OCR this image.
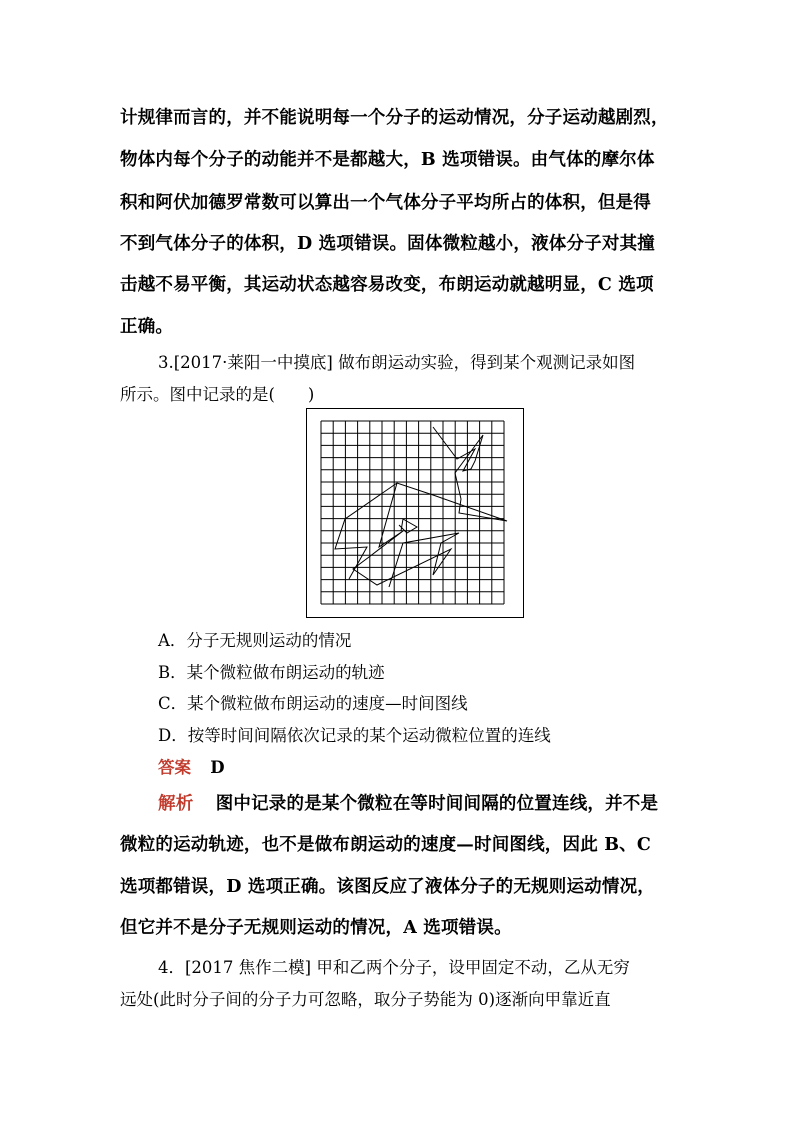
计规律而言的，并不能说明每一个分子的运动情况，分子运动越剧烈，
物体内每个分子的动能并不是都越大，B 选项错误。由气体的摩尔体
积和阿伏加德罗常数可以算出一个气体分子平均所占的体积，但是得
不到气体分子的体积，D 选项错误。固体微粒越小，液体分子对其撞
击越不易平衡，其运动状态越容易改变，布朗运动就越明显，C 选项
正确。
3.[2017·莱阳一中摸底] 做布朗运动实验，得到某个观测记录如图
所示。图中记录的是(　　)
A．分子无规则运动的情况
B．某个微粒做布朗运动的轨迹
C．某个微粒做布朗运动的速度—时间图线
D．按等时间间隔依次记录的某个运动微粒位置的连线
答案 D
解析 图中记录的是某个微粒在等时间间隔的位置连线，并不是
微粒的运动轨迹，也不是做布朗运动的速度—时间图线，因此 B、C
选项都错误，D 选项正确。该图反应了液体分子的无规则运动情况，
但它并不是分子无规则运动的情况，A 选项错误。
4．[2017 焦作二模] 甲和乙两个分子，设甲固定不动，乙从无穷
远处(此时分子间的分子力可忽略，取分子势能为 0)逐渐向甲靠近直
